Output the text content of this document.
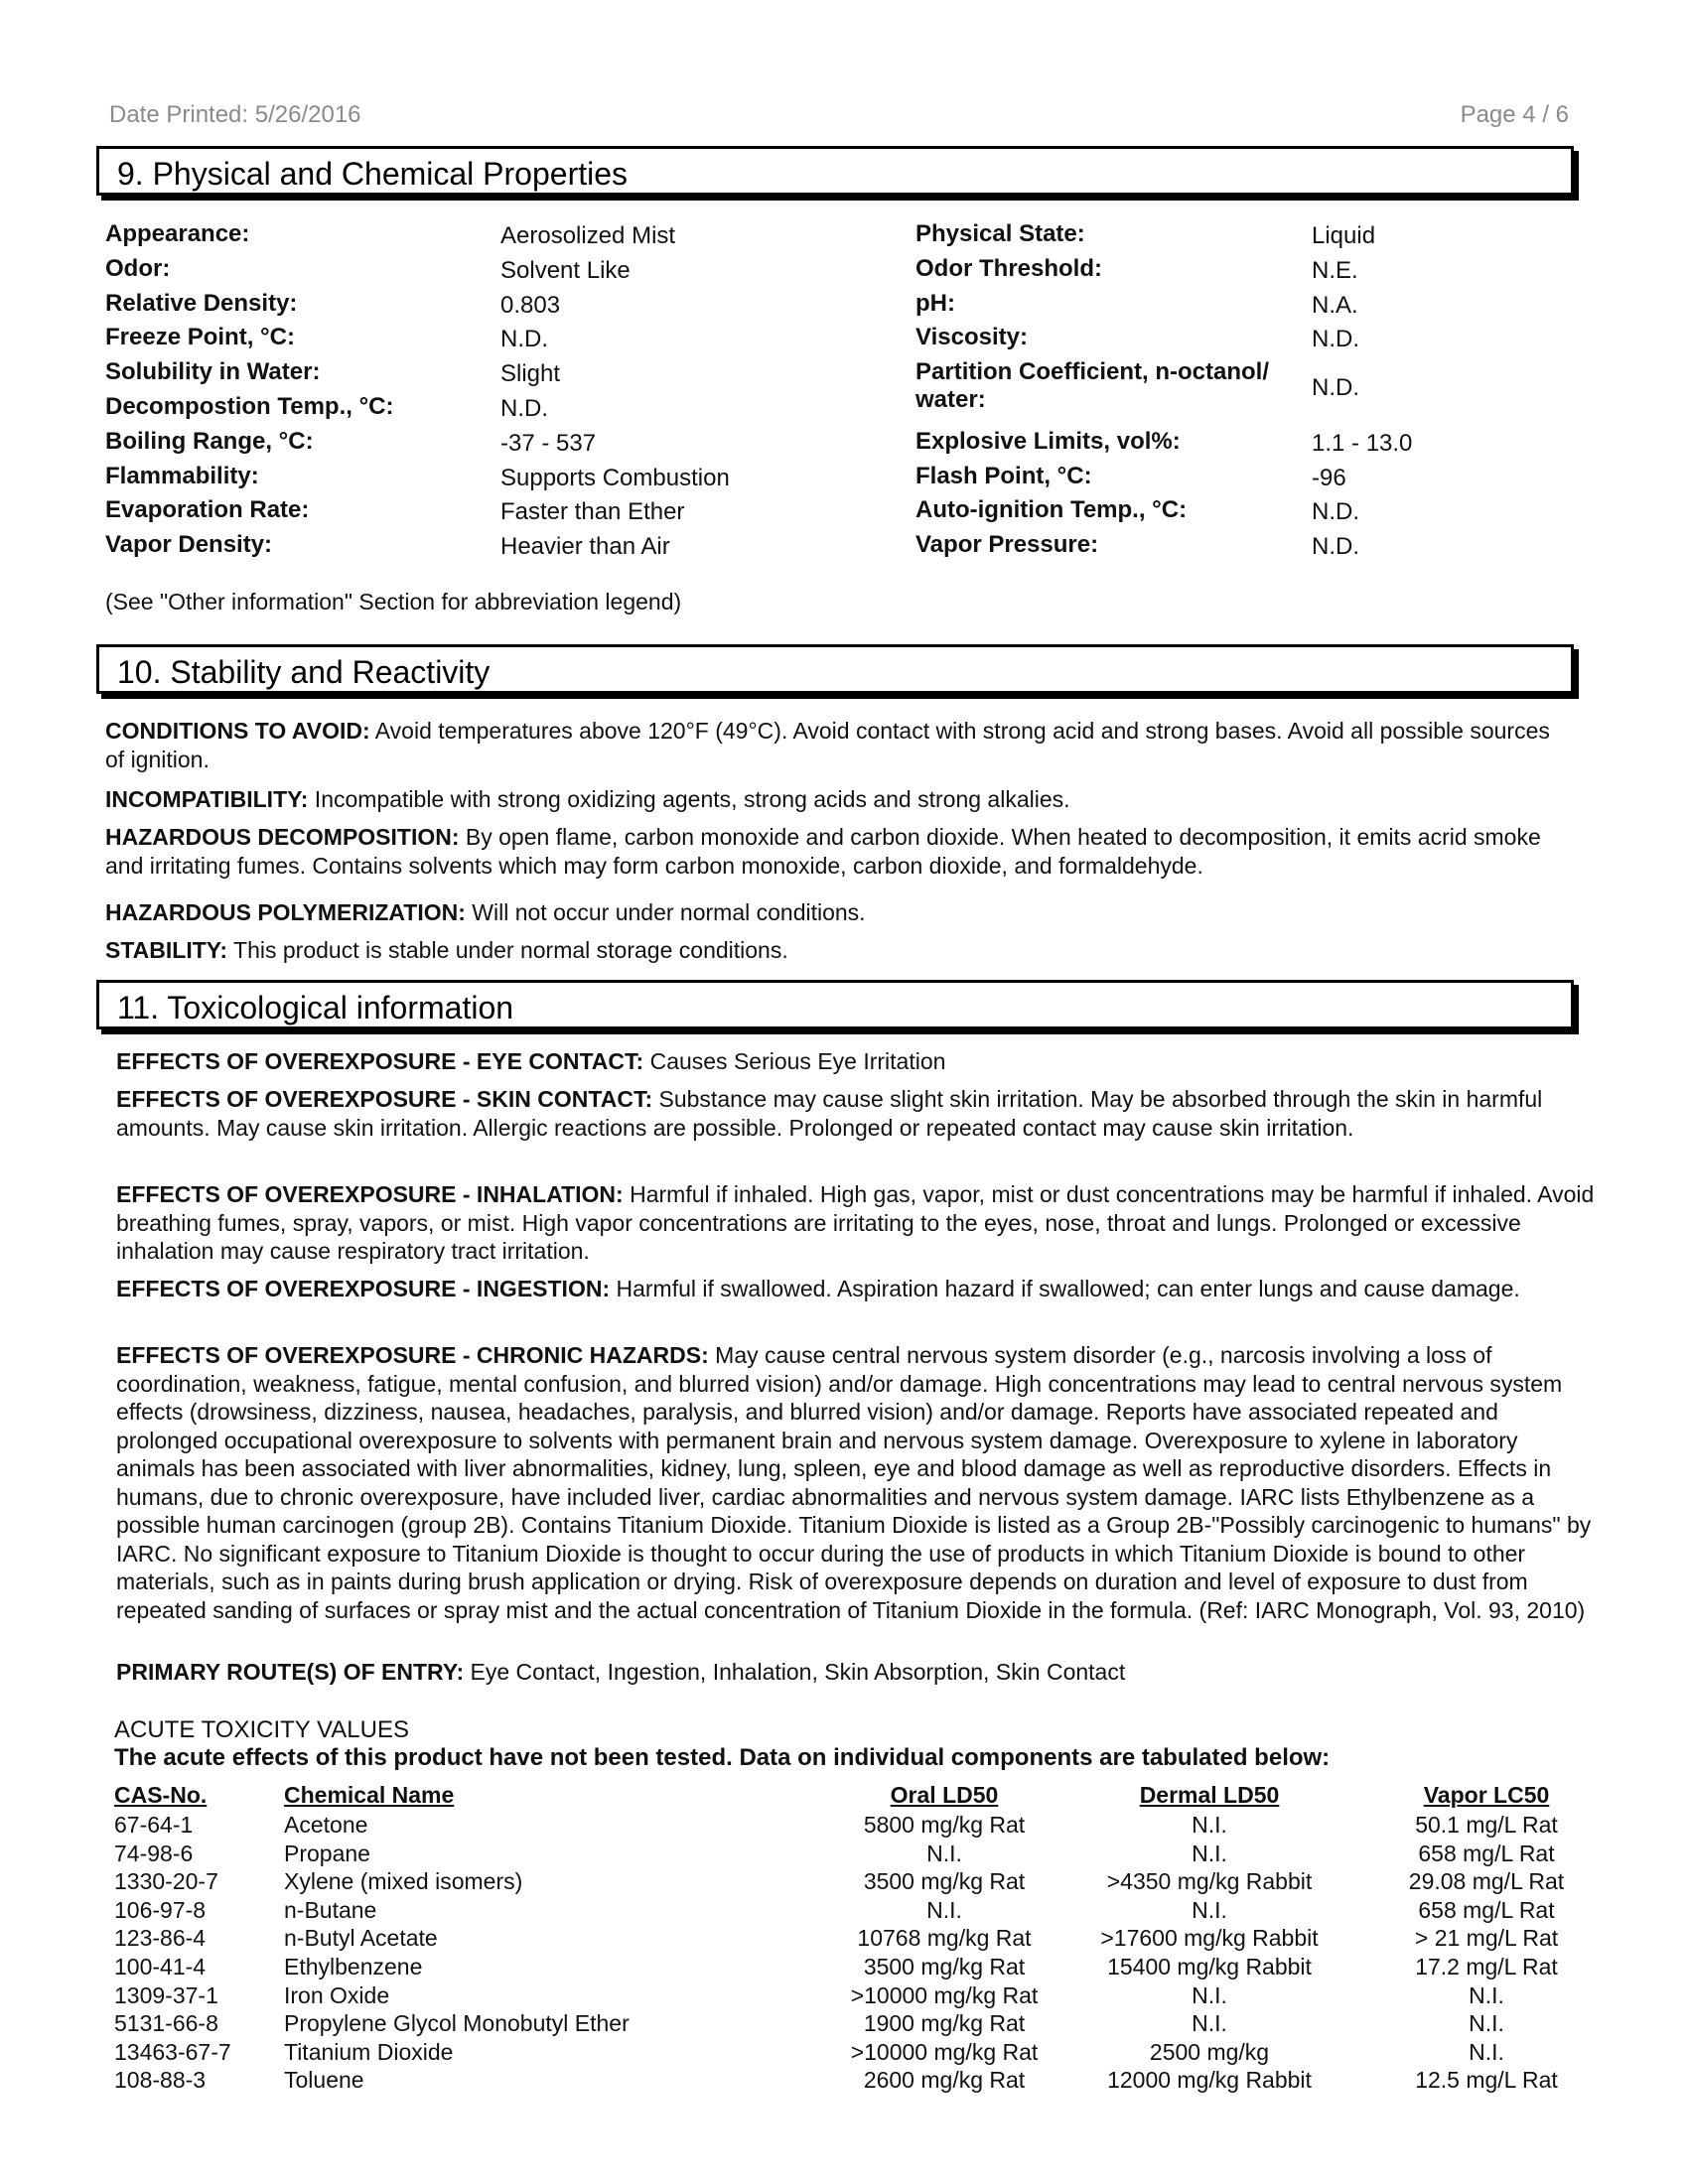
Date Printed: 5/26/2016	Page 4 / 6
9. Physical and Chemical Properties
Appearance:	Aerosolized Mist
Odor:	Solvent Like
Relative Density:	0.803
Freeze Point, °C:	N.D.
Solubility in Water:	Slight
Decompostion Temp., °C:	N.D.
Boiling Range, °C:	-37 - 537
Flammability:	Supports Combustion
Evaporation Rate:	Faster than Ether
Vapor Density:	Heavier than Air
Physical State:	Liquid
Odor Threshold:	N.E.
pH:	N.A.
Viscosity:	N.D.
Partition Coefficient, n-octanol/
water:	N.D.
Explosive Limits, vol%:	1.1 - 13.0
Flash Point, °C:	-96
Auto-ignition Temp., °C:	N.D.
Vapor Pressure:	N.D.
(See "Other information" Section for abbreviation legend)
10. Stability and Reactivity
CONDITIONS TO AVOID: Avoid temperatures above 120°F (49°C). Avoid contact with strong acid and strong bases. Avoid all possible sources of ignition.
INCOMPATIBILITY: Incompatible with strong oxidizing agents, strong acids and strong alkalies.
HAZARDOUS DECOMPOSITION: By open flame, carbon monoxide and carbon dioxide. When heated to decomposition, it emits acrid smoke and irritating fumes. Contains solvents which may form carbon monoxide, carbon dioxide, and formaldehyde.
HAZARDOUS POLYMERIZATION: Will not occur under normal conditions.
STABILITY: This product is stable under normal storage conditions.
11. Toxicological information
EFFECTS OF OVEREXPOSURE - EYE CONTACT: Causes Serious Eye Irritation
EFFECTS OF OVEREXPOSURE - SKIN CONTACT: Substance may cause slight skin irritation. May be absorbed through the skin in harmful amounts. May cause skin irritation. Allergic reactions are possible. Prolonged or repeated contact may cause skin irritation.
EFFECTS OF OVEREXPOSURE - INHALATION: Harmful if inhaled. High gas, vapor, mist or dust concentrations may be harmful if inhaled. Avoid breathing fumes, spray, vapors, or mist. High vapor concentrations are irritating to the eyes, nose, throat and lungs. Prolonged or excessive inhalation may cause respiratory tract irritation.
EFFECTS OF OVEREXPOSURE - INGESTION: Harmful if swallowed. Aspiration hazard if swallowed; can enter lungs and cause damage.
EFFECTS OF OVEREXPOSURE - CHRONIC HAZARDS: May cause central nervous system disorder (e.g., narcosis involving a loss of coordination, weakness, fatigue, mental confusion, and blurred vision) and/or damage. High concentrations may lead to central nervous system effects (drowsiness, dizziness, nausea, headaches, paralysis, and blurred vision) and/or damage. Reports have associated repeated and prolonged occupational overexposure to solvents with permanent brain and nervous system damage. Overexposure to xylene in laboratory animals has been associated with liver abnormalities, kidney, lung, spleen, eye and blood damage as well as reproductive disorders. Effects in humans, due to chronic overexposure, have included liver, cardiac abnormalities and nervous system damage. IARC lists Ethylbenzene as a possible human carcinogen (group 2B). Contains Titanium Dioxide. Titanium Dioxide is listed as a Group 2B-"Possibly carcinogenic to humans" by IARC. No significant exposure to Titanium Dioxide is thought to occur during the use of products in which Titanium Dioxide is bound to other materials, such as in paints during brush application or drying. Risk of overexposure depends on duration and level of exposure to dust from repeated sanding of surfaces or spray mist and the actual concentration of Titanium Dioxide in the formula. (Ref: IARC Monograph, Vol. 93, 2010)
PRIMARY ROUTE(S) OF ENTRY: Eye Contact, Ingestion, Inhalation, Skin Absorption, Skin Contact
ACUTE TOXICITY VALUES
The acute effects of this product have not been tested. Data on individual components are tabulated below:
CAS-No.	Chemical Name	Oral LD50	Dermal LD50	Vapor LC50
67-64-1	Acetone	5800 mg/kg Rat	N.I.	50.1 mg/L Rat
74-98-6	Propane	N.I.	N.I.	658 mg/L Rat
1330-20-7	Xylene (mixed isomers)	3500 mg/kg Rat	>4350 mg/kg Rabbit	29.08 mg/L Rat
106-97-8	n-Butane	N.I.	N.I.	658 mg/L Rat
123-86-4	n-Butyl Acetate	10768 mg/kg Rat	>17600 mg/kg Rabbit	> 21 mg/L Rat
100-41-4	Ethylbenzene	3500 mg/kg Rat	15400 mg/kg Rabbit	17.2 mg/L Rat
1309-37-1	Iron Oxide	>10000 mg/kg Rat	N.I.	N.I.
5131-66-8	Propylene Glycol Monobutyl Ether	1900 mg/kg Rat	N.I.	N.I.
13463-67-7 Titanium Dioxide	>10000 mg/kg Rat	2500 mg/kg	N.I.
108-88-3	Toluene	2600 mg/kg Rat	12000 mg/kg Rabbit	12.5 mg/L Rat
